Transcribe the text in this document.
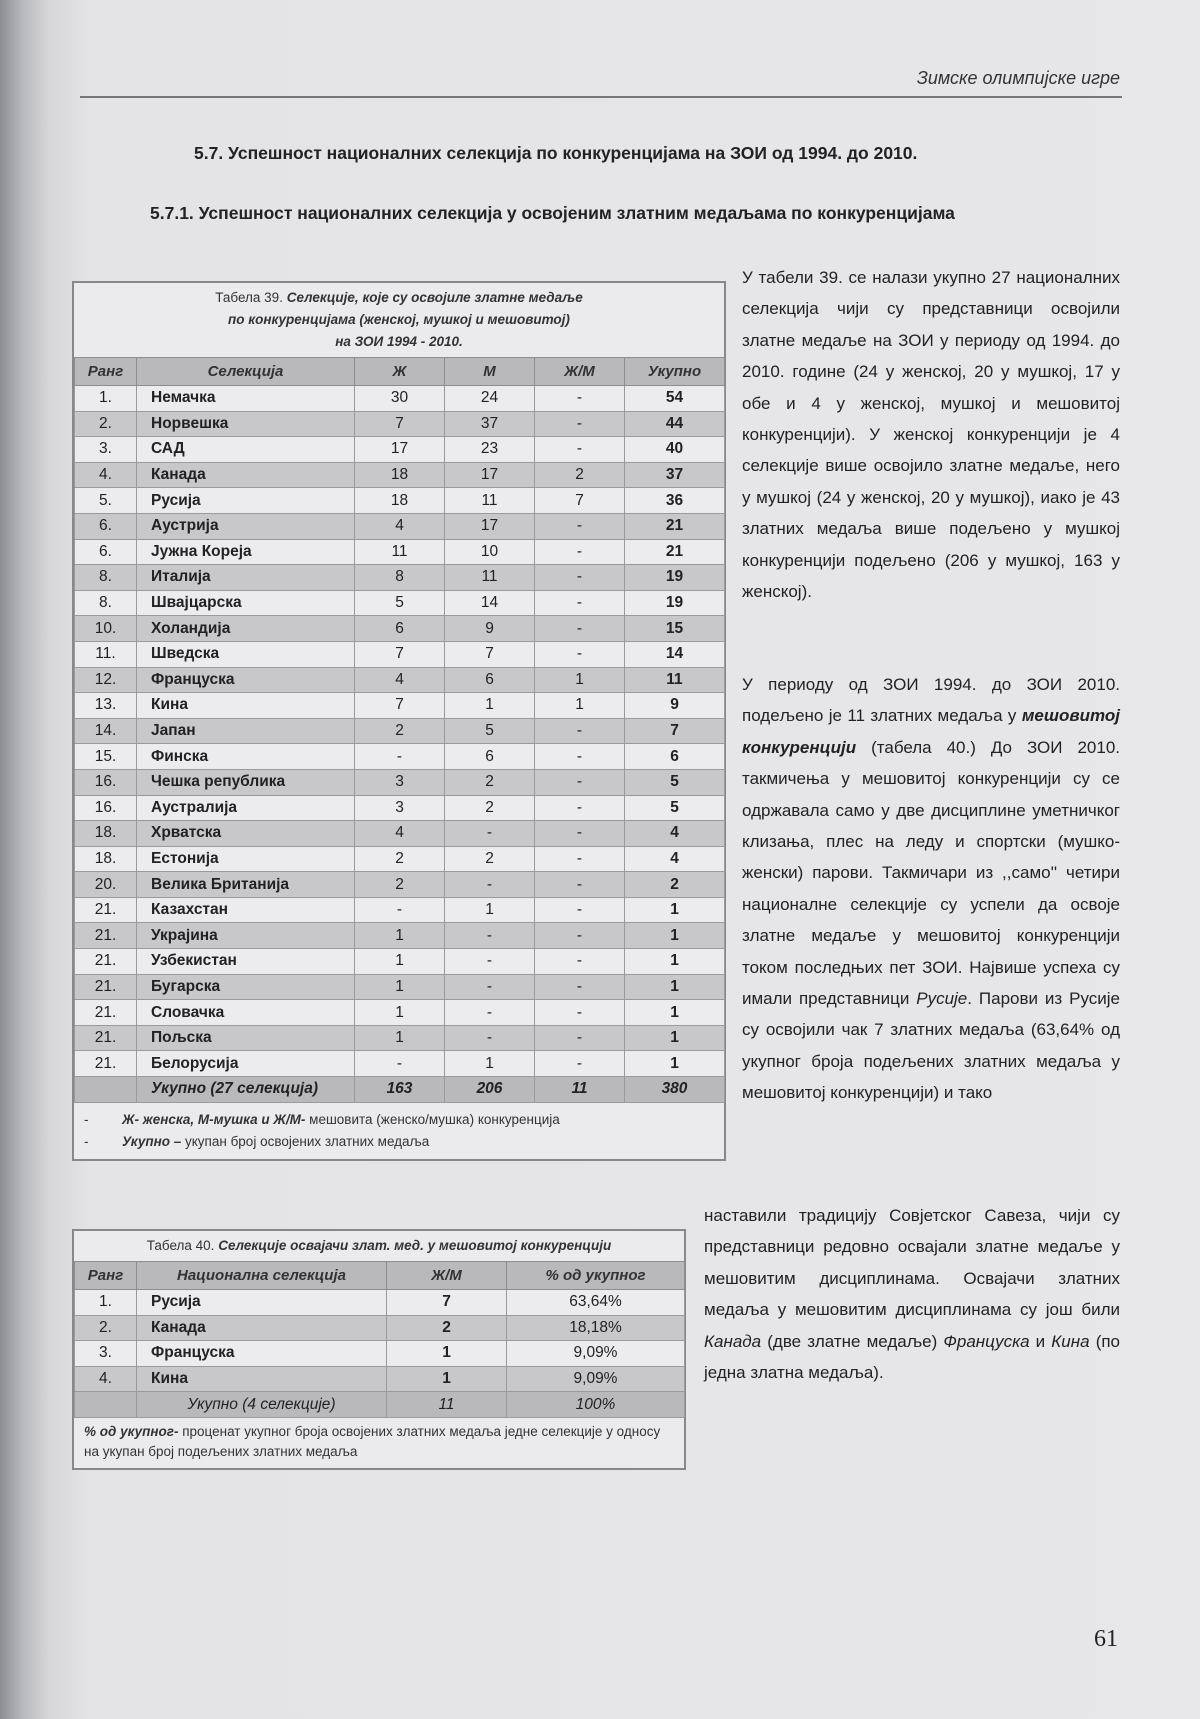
Зимске олимпијске игре
5.7. Успешност националних селекција по конкуренцијама на ЗОИ од 1994. до 2010.
5.7.1. Успешност националних селекција у освојеним златним медаљама по конкуренцијама
Табела 39. Селекције, које су освојиле златне медаље
по конкуренцијама (женској, мушкој и мешовитој)
на ЗОИ 1994 - 2010.
Ранг	Селекција	Ж	М	Ж/М	Укупно
1.	Немачка	30	24	-	54
2.	Норвешка	7	37	-	44
3.	САД	17	23	-	40
4.	Канада	18	17	2	37
5.	Русија	18	11	7	36
6.	Аустрија	4	17	-	21
6.	Јужна Кореја	11	10	-	21
8.	Италија	8	11	-	19
8.	Швајцарска	5	14	-	19
10.	Холандија	6	9	-	15
11.	Шведска	7	7	-	14
12.	Француска	4	6	1	11
13.	Кина	7	1	1	9
14.	Јапан	2	5	-	7
15.	Финска	-	6	-	6
16.	Чешка република	3	2	-	5
16.	Аустралија	3	2	-	5
18.	Хрватска	4	-	-	4
18.	Естонија	2	2	-	4
20.	Велика Британија	2	-	-	2
21.	Казахстан	-	1	-	1
21.	Украјина	1	-	-	1
21.	Узбекистан	1	-	-	1
21.	Бугарска	1	-	-	1
21.	Словачка	1	-	-	1
21.	Пољска	1	-	-	1
21.	Белорусија	-	1	-	1
	Укупно (27 селекција)	163	206	11	380
- Ж- женска, М-мушка и Ж/М- мешовита (женско/мушка) конкуренција
- Укупно – укупан број освојених златних медаља
Табела 40. Селекције освајачи злат. мед. у мешовитој конкуренцији
Ранг	Национална селекција	Ж/М	% од укупног
1.	Русија	7	63,64%
2.	Канада	2	18,18%
3.	Француска	1	9,09%
4.	Кина	1	9,09%
	Укупно (4 селекције)	11	100%
% од укупног- проценат укупног броја освојених златних медаља једне селекције у односу на укупан број подељених златних медаља
У табели 39. се налази укупно 27 националних селекција чији су представници освојили златне медаље на ЗОИ у периоду од 1994. до 2010. године (24 у женској, 20 у мушкој, 17 у обе и 4 у женској, мушкој и мешовитој конкуренцији). У женској конкуренцији је 4 селекције више освојило златне медаље, него у мушкој (24 у женској, 20 у мушкој), иако је 43 златних медаља више подељено у мушкој конкуренцији подељено (206 у мушкој, 163 у женској).
У периоду од ЗОИ 1994. до ЗОИ 2010. подељено је 11 златних медаља у мешовитој конкуренцији (табела 40.) До ЗОИ 2010. такмичења у мешовитој конкуренцији су се одржавала само у две дисциплине уметничког клизања, плес на леду и спортски (мушко-женски) парови. Такмичари из ,,само'' четири националне селекције су успели да освоје златне медаље у мешовитој конкуренцији током последњих пет ЗОИ. Највише успеха су имали представници Русије. Парови из Русије су освојили чак 7 златних медаља (63,64% од укупног броја подељених златних медаља у мешовитој конкуренцији) и тако
наставили традицију Совјетског Савеза, чији су представници редовно освајали златне медаље у мешовитим дисциплинама. Освајачи златних медаља у мешовитим дисциплинама су још били Канада (две златне медаље) Француска и Кина (по једна златна медаља).
61
